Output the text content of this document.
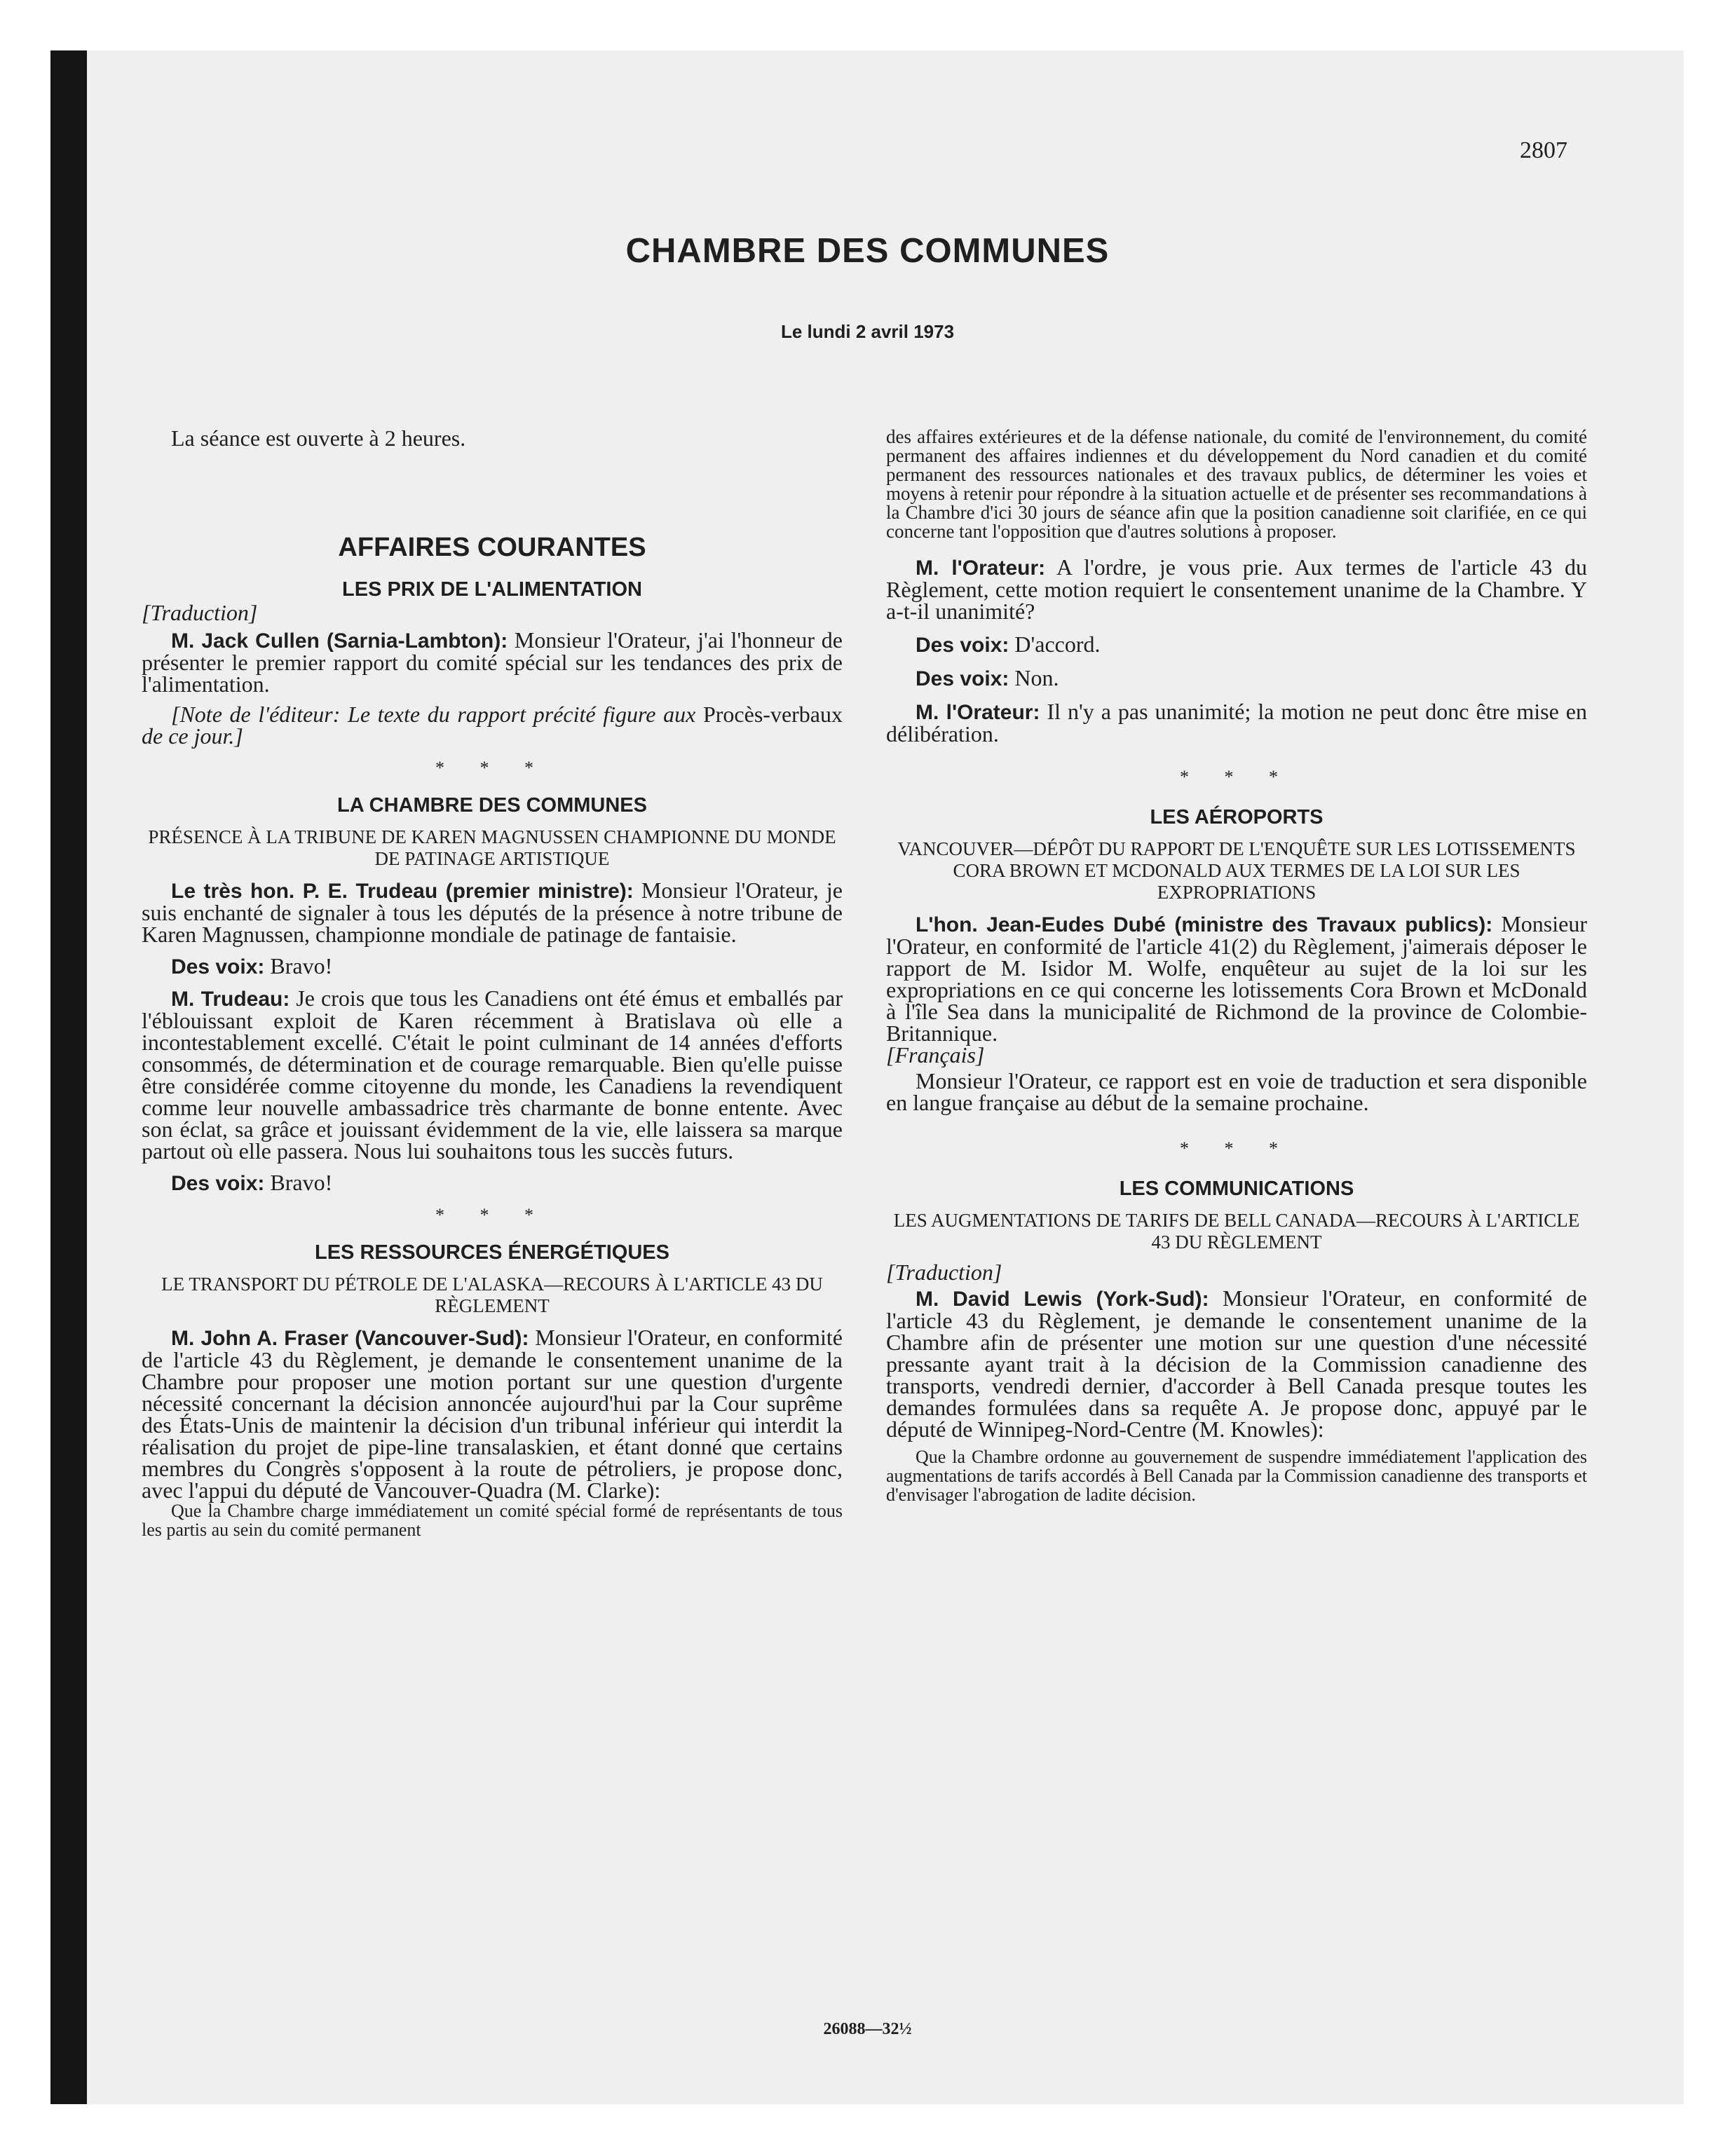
2807
CHAMBRE DES COMMUNES
Le lundi 2 avril 1973

La séance est ouverte à 2 heures.

AFFAIRES COURANTES

LES PRIX DE L'ALIMENTATION

[Traduction]

M. Jack Cullen (Sarnia-Lambton): Monsieur l'Orateur, j'ai l'honneur de présenter le premier rapport du comité spécial sur les tendances des prix de l'alimentation.

[Note de l'éditeur: Le texte du rapport précité figure aux Procès-verbaux de ce jour.]

* * *

LA CHAMBRE DES COMMUNES

PRÉSENCE À LA TRIBUNE DE KAREN MAGNUSSEN CHAMPIONNE DU MONDE DE PATINAGE ARTISTIQUE

Le très hon. P. E. Trudeau (premier ministre): Monsieur l'Orateur, je suis enchanté de signaler à tous les députés de la présence à notre tribune de Karen Magnussen, championne mondiale de patinage de fantaisie.

Des voix: Bravo!

M. Trudeau: Je crois que tous les Canadiens ont été émus et emballés par l'éblouissant exploit de Karen récemment à Bratislava où elle a incontestablement excellé. C'était le point culminant de 14 années d'efforts consommés, de détermination et de courage remarquable. Bien qu'elle puisse être considérée comme citoyenne du monde, les Canadiens la revendiquent comme leur nouvelle ambassadrice très charmante de bonne entente. Avec son éclat, sa grâce et jouissant évidemment de la vie, elle laissera sa marque partout où elle passera. Nous lui souhaitons tous les succès futurs.

Des voix: Bravo!

* * *

LES RESSOURCES ÉNERGÉTIQUES

LE TRANSPORT DU PÉTROLE DE L'ALASKA—RECOURS À L'ARTICLE 43 DU RÈGLEMENT

M. John A. Fraser (Vancouver-Sud): Monsieur l'Orateur, en conformité de l'article 43 du Règlement, je demande le consentement unanime de la Chambre pour proposer une motion portant sur une question d'urgente nécessité concernant la décision annoncée aujourd'hui par la Cour suprême des États-Unis de maintenir la décision d'un tribunal inférieur qui interdit la réalisation du projet de pipe-line transalaskien, et étant donné que certains membres du Congrès s'opposent à la route de pétroliers, je propose donc, avec l'appui du député de Vancouver-Quadra (M. Clarke):

Que la Chambre charge immédiatement un comité spécial formé de représentants de tous les partis au sein du comité permanent

des affaires extérieures et de la défense nationale, du comité de l'environnement, du comité permanent des affaires indiennes et du développement du Nord canadien et du comité permanent des ressources nationales et des travaux publics, de déterminer les voies et moyens à retenir pour répondre à la situation actuelle et de présenter ses recommandations à la Chambre d'ici 30 jours de séance afin que la position canadienne soit clarifiée, en ce qui concerne tant l'opposition que d'autres solutions à proposer.

M. l'Orateur: A l'ordre, je vous prie. Aux termes de l'article 43 du Règlement, cette motion requiert le consentement unanime de la Chambre. Y a-t-il unanimité?

Des voix: D'accord.

Des voix: Non.

M. l'Orateur: Il n'y a pas unanimité; la motion ne peut donc être mise en délibération.

* * *

LES AÉROPORTS

VANCOUVER—DÉPÔT DU RAPPORT DE L'ENQUÊTE SUR LES LOTISSEMENTS CORA BROWN ET MCDONALD AUX TERMES DE LA LOI SUR LES EXPROPRIATIONS

L'hon. Jean-Eudes Dubé (ministre des Travaux publics): Monsieur l'Orateur, en conformité de l'article 41(2) du Règlement, j'aimerais déposer le rapport de M. Isidor M. Wolfe, enquêteur au sujet de la loi sur les expropriations en ce qui concerne les lotissements Cora Brown et McDonald à l'île Sea dans la municipalité de Richmond de la province de Colombie-Britannique.

[Français]

Monsieur l'Orateur, ce rapport est en voie de traduction et sera disponible en langue française au début de la semaine prochaine.

* * *

LES COMMUNICATIONS

LES AUGMENTATIONS DE TARIFS DE BELL CANADA—RECOURS À L'ARTICLE 43 DU RÈGLEMENT

[Traduction]

M. David Lewis (York-Sud): Monsieur l'Orateur, en conformité de l'article 43 du Règlement, je demande le consentement unanime de la Chambre afin de présenter une motion sur une question d'une nécessité pressante ayant trait à la décision de la Commission canadienne des transports, vendredi dernier, d'accorder à Bell Canada presque toutes les demandes formulées dans sa requête A. Je propose donc, appuyé par le député de Winnipeg-Nord-Centre (M. Knowles):

Que la Chambre ordonne au gouvernement de suspendre immédiatement l'application des augmentations de tarifs accordés à Bell Canada par la Commission canadienne des transports et d'envisager l'abrogation de ladite décision.

26088—32½
